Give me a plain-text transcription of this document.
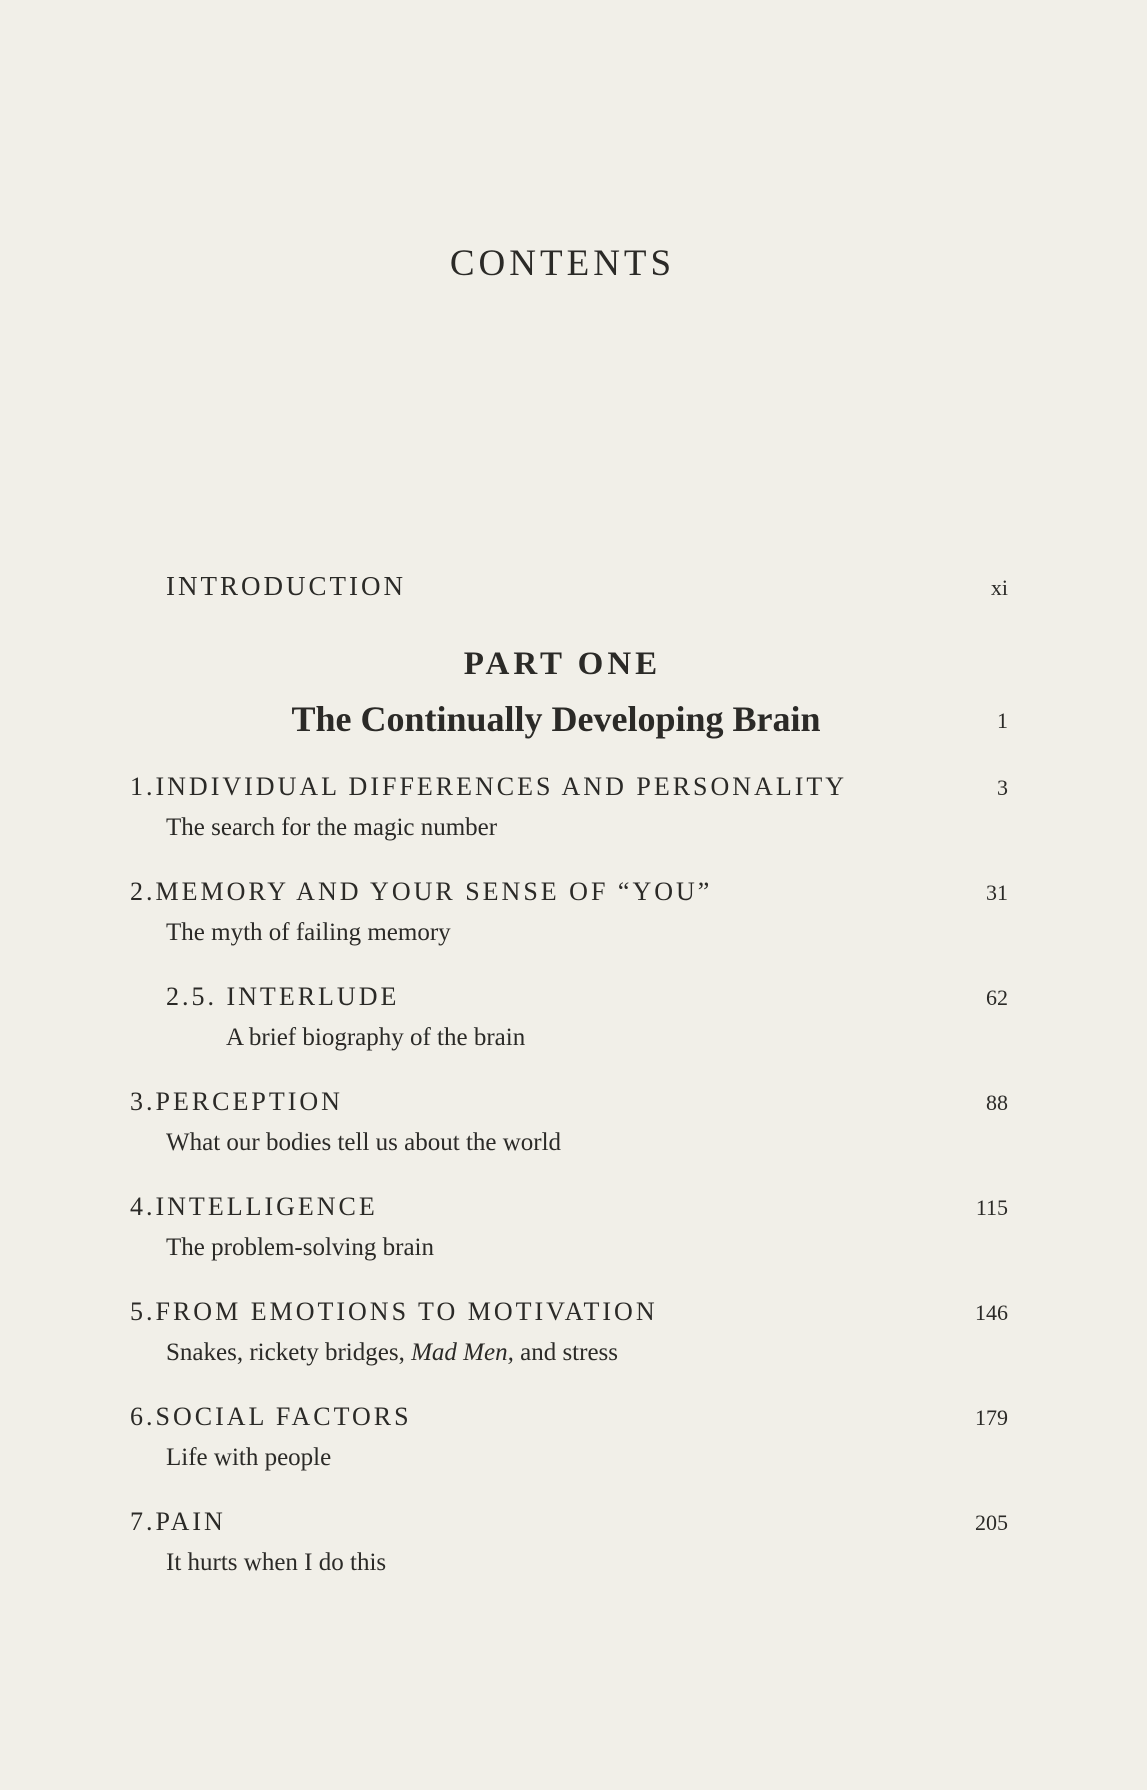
CONTENTS
INTRODUCTION	xi
PART ONE
The Continually Developing Brain	1
1.INDIVIDUAL DIFFERENCES AND PERSONALITY	3
The search for the magic number
2.MEMORY AND YOUR SENSE OF “YOU”	31
The myth of failing memory
2.5. INTERLUDE	62
A brief biography of the brain
3.PERCEPTION	88
What our bodies tell us about the world
4.INTELLIGENCE	115
The problem-solving brain
5.FROM EMOTIONS TO MOTIVATION	146
Snakes, rickety bridges, Mad Men, and stress
6.SOCIAL FACTORS	179
Life with people
7.PAIN	205
It hurts when I do this
